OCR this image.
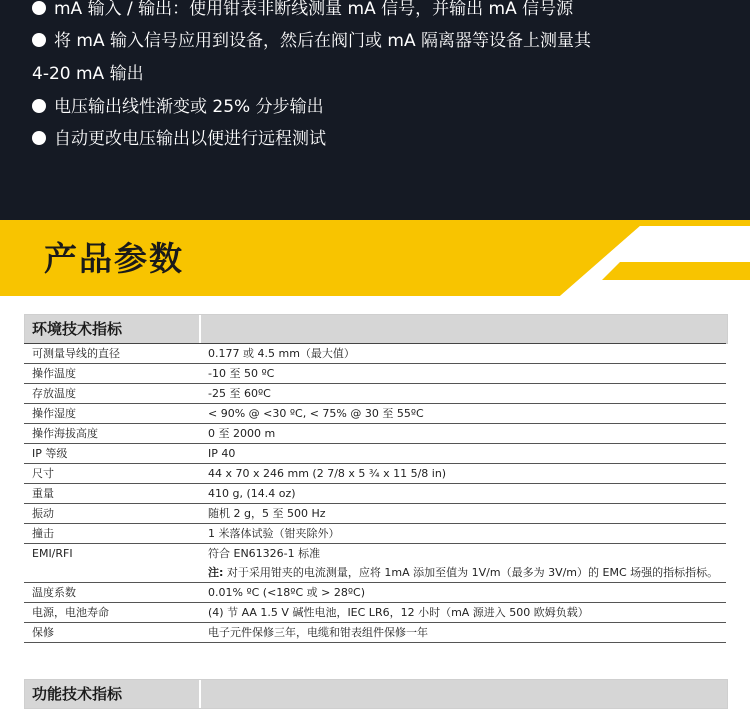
mA 输入 / 输出：使用钳表非断线测量 mA 信号，并输出 mA 信号源
将 mA 输入信号应用到设备，然后在阀门或 mA 隔离器等设备上测量其
4-20 mA 输出
电压输出线性渐变或 25% 分步输出
自动更改电压输出以便进行远程测试
产品参数
环境技术指标
可测量导线的直径	0.177 或 4.5 mm（最大值）
操作温度	-10 至 50 ºC
存放温度	-25 至 60ºC
操作湿度	< 90% @ <30 ºC, < 75% @ 30 至 55ºC
操作海拔高度	0 至 2000 m
IP 等级	IP 40
尺寸	44 x 70 x 246 mm (2 7/8 x 5 ¾ x 11 5/8 in)
重量	410 g, (14.4 oz)
振动	随机 2 g，5 至 500 Hz
撞击	1 米落体试验（钳夹除外）
EMI/RFI	符合 EN61326-1 标准
注: 对于采用钳夹的电流测量，应将 1mA 添加至值为 1V/m（最多为 3V/m）的 EMC 场强的指标指标。
温度系数	0.01% ºC (<18ºC 或 > 28ºC)
电源，电池寿命	(4) 节 AA 1.5 V 碱性电池，IEC LR6，12 小时（mA 源进入 500 欧姆负载）
保修	电子元件保修三年，电缆和钳表组件保修一年
功能技术指标
